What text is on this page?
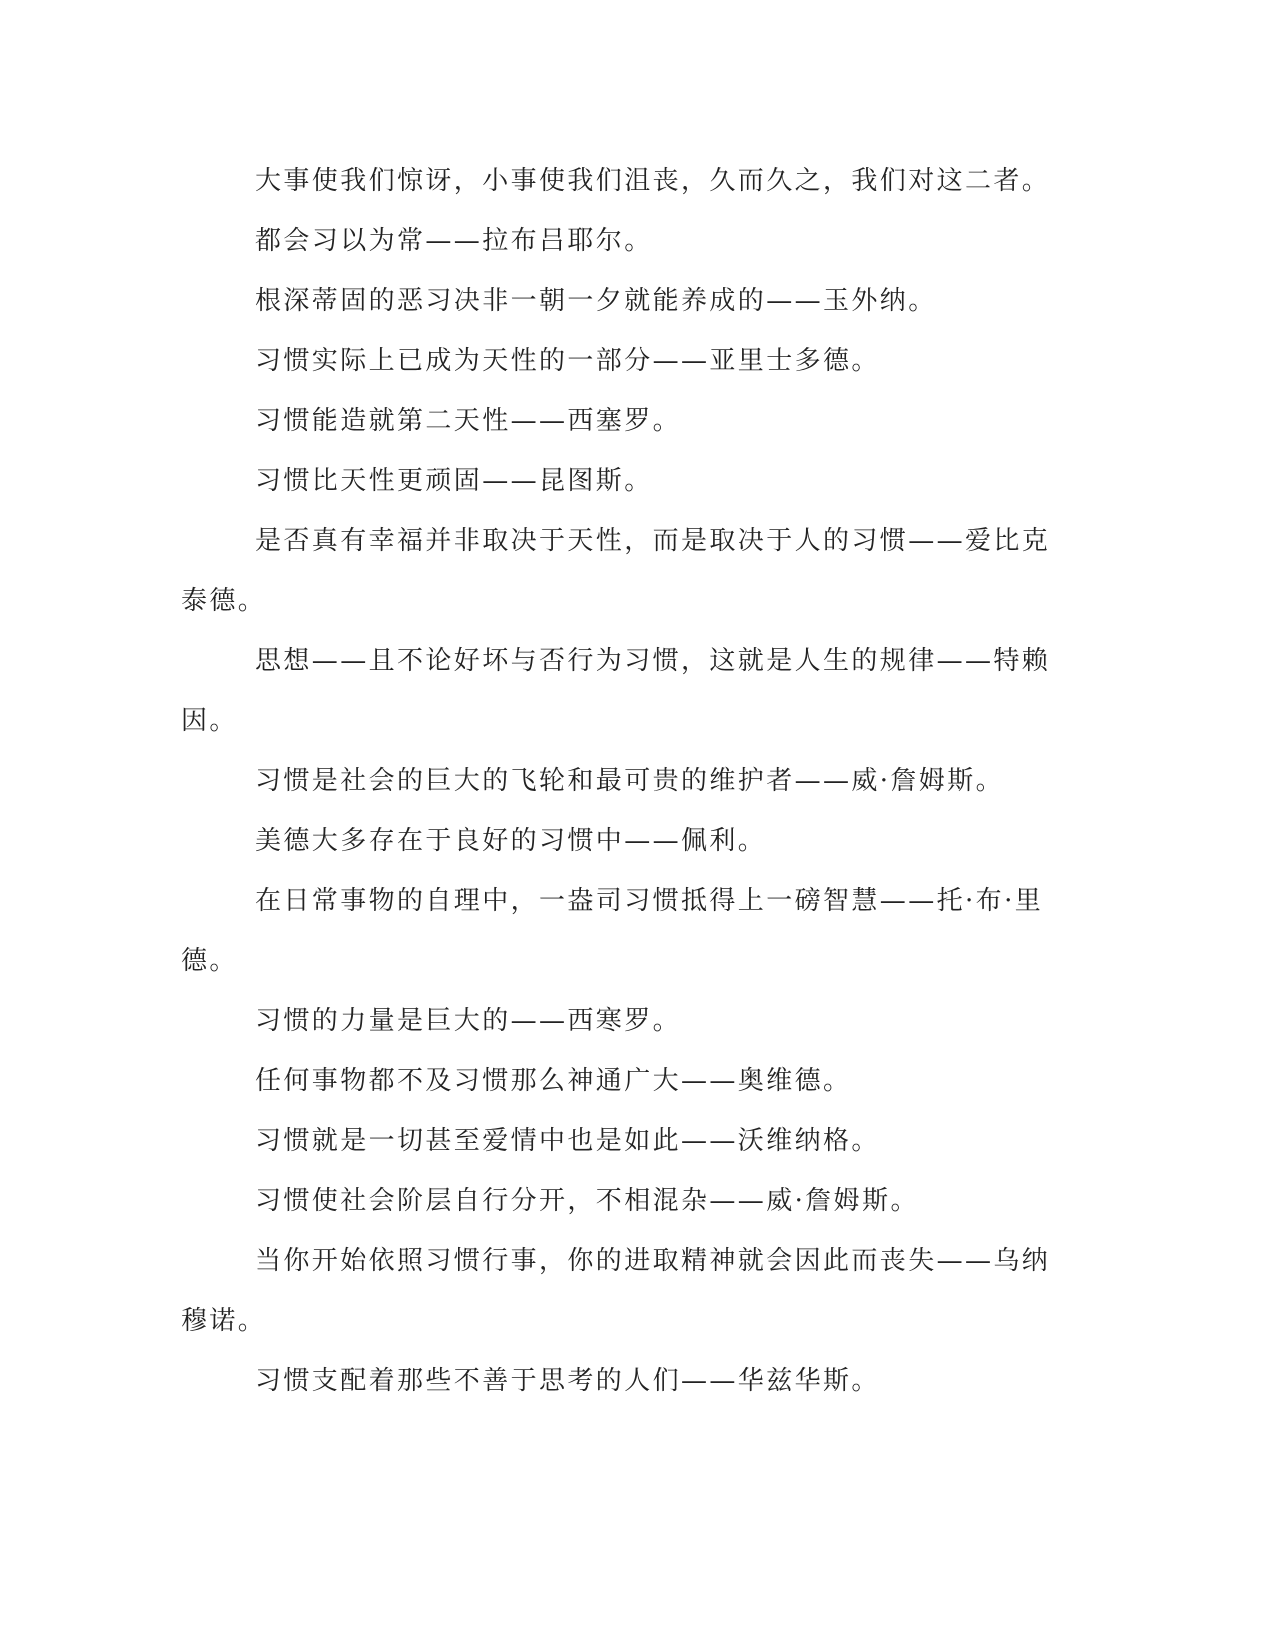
大事使我们惊讶，小事使我们沮丧，久而久之，我们对这二者。

都会习以为常——拉布吕耶尔。

根深蒂固的恶习决非一朝一夕就能养成的——玉外纳。

习惯实际上已成为天性的一部分——亚里士多德。

习惯能造就第二天性——西塞罗。

习惯比天性更顽固——昆图斯。

是否真有幸福并非取决于天性，而是取决于人的习惯——爱比克泰德。

思想——且不论好坏与否行为习惯，这就是人生的规律——特赖因。

习惯是社会的巨大的飞轮和最可贵的维护者——威·詹姆斯。

美德大多存在于良好的习惯中——佩利。

在日常事物的自理中，一盎司习惯抵得上一磅智慧——托·布·里德。

习惯的力量是巨大的——西寒罗。

任何事物都不及习惯那么神通广大——奥维德。

习惯就是一切甚至爱情中也是如此——沃维纳格。

习惯使社会阶层自行分开，不相混杂——威·詹姆斯。

当你开始依照习惯行事，你的进取精神就会因此而丧失——乌纳穆诺。

习惯支配着那些不善于思考的人们——华兹华斯。
